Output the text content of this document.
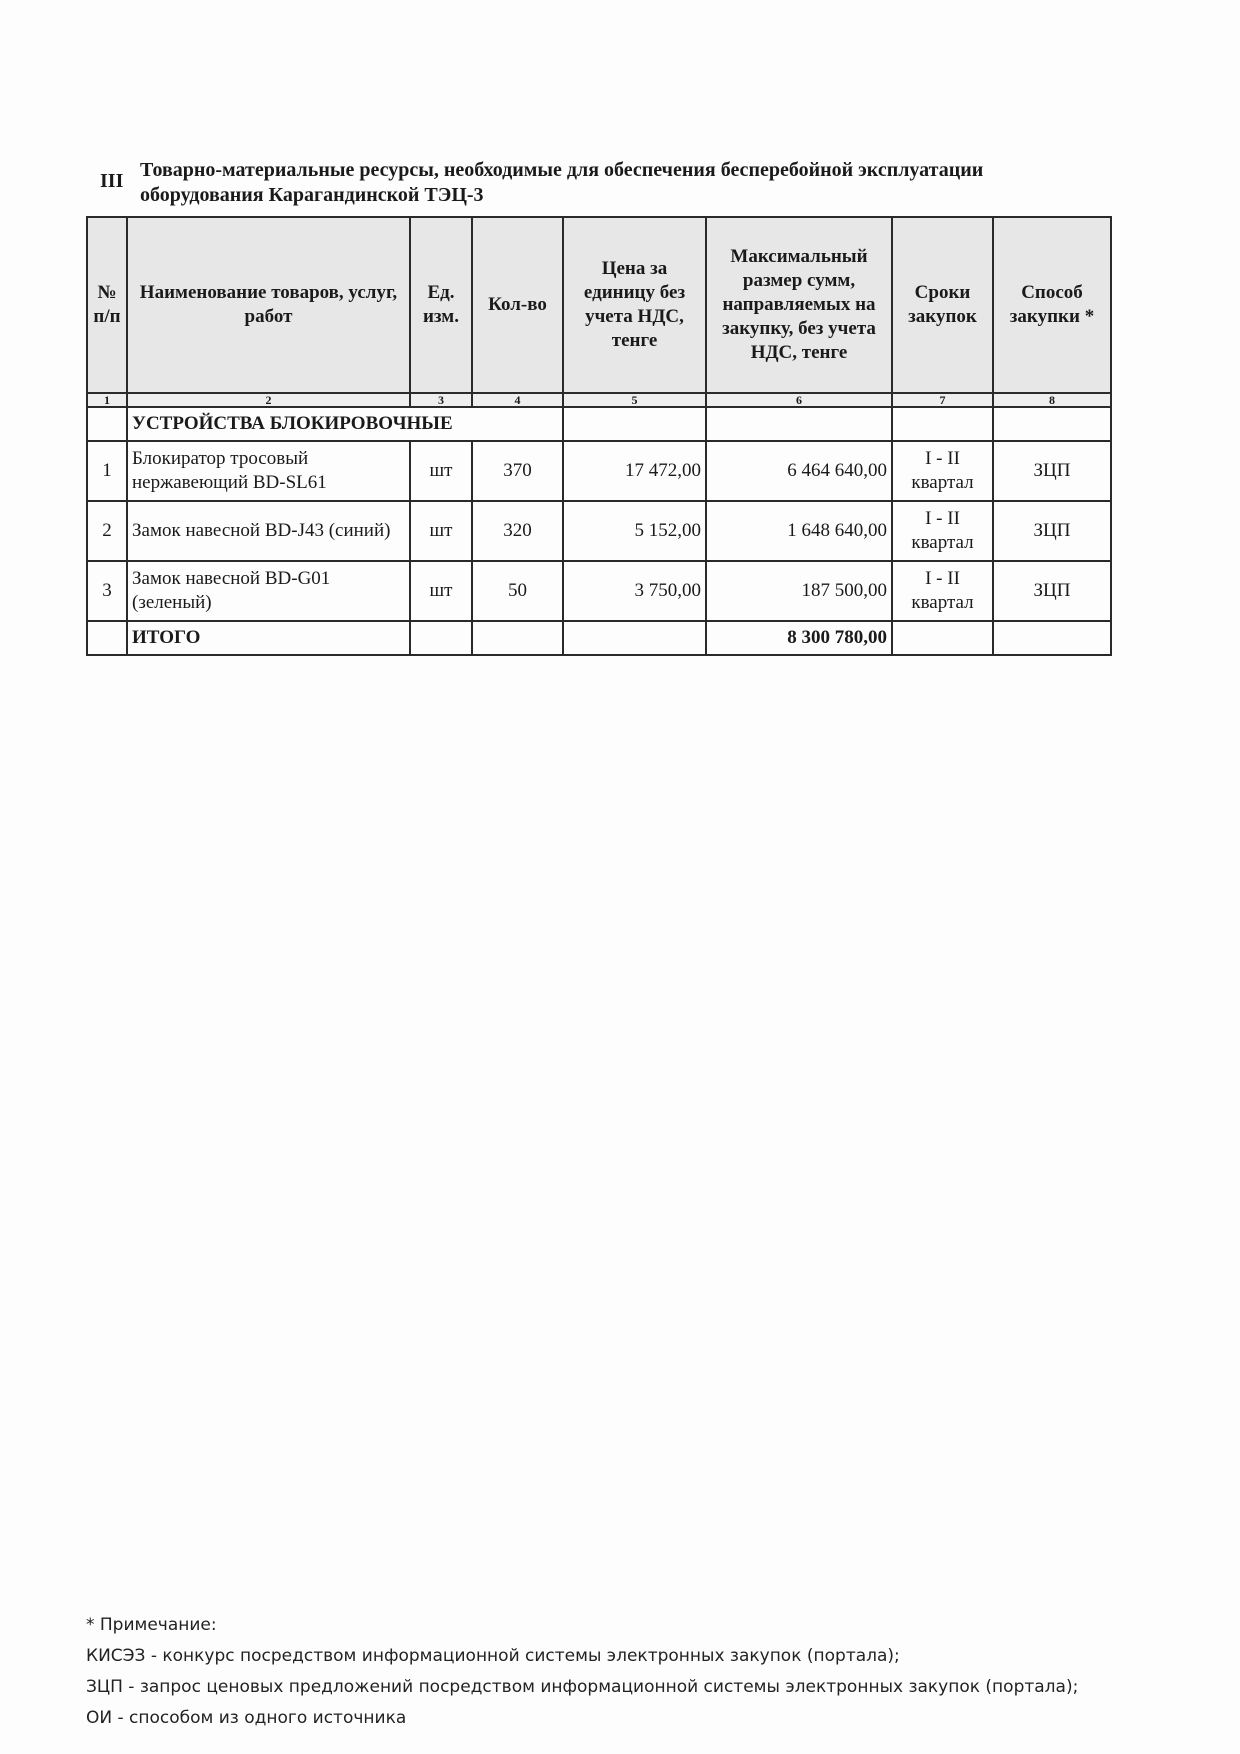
III Товарно-материальные ресурсы, необходимые для обеспечения бесперебойной эксплуатации оборудования Карагандинской ТЭЦ-3
№ п/п	Наименование товаров, услуг, работ	Ед. изм.	Кол-во	Цена за единицу без учета НДС, тенге	Максимальный размер сумм, направляемых на закупку, без учета НДС, тенге	Сроки закупок	Способ закупки *
1	2	3	4	5	6	7	8
	УСТРОЙСТВА БЛОКИРОВОЧНЫЕ						
1	Блокиратор тросовый нержавеющий BD-SL61	шт	370	17 472,00	6 464 640,00	I - II квартал	ЗЦП
2	Замок навесной BD-J43 (синий)	шт	320	5 152,00	1 648 640,00	I - II квартал	ЗЦП
3	Замок навесной BD-G01 (зеленый)	шт	50	3 750,00	187 500,00	I - II квартал	ЗЦП
	ИТОГО				8 300 780,00		
* Примечание:
КИСЭЗ - конкурс посредством информационной системы электронных закупок (портала);
ЗЦП - запрос ценовых предложений посредством информационной системы электронных закупок (портала);
ОИ - способом из одного источника
